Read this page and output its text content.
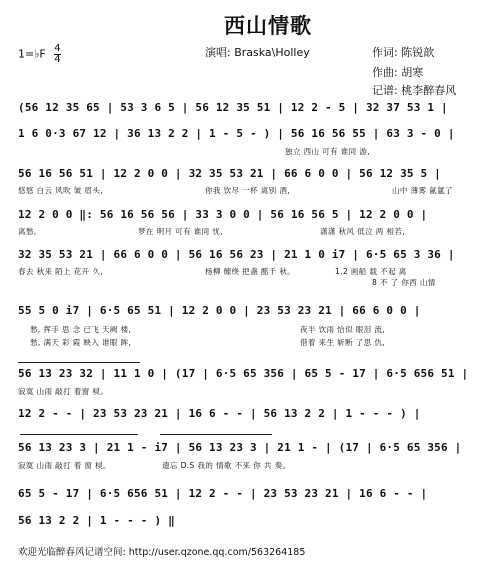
西山情歌
1=♭F $\frac{4}{4}$	演唱: Braska\Holley	作词: 陈锐歆
作曲: 胡寒
记谱: 桃李醉春风
(56 12 35 65 | 53 3 6 5 | 56 12 35 51 | 12 2 - 5 | 32 37 53 1 |
1 6 0·3 67 12 | 36 13 2 2 | 1 - 5 - ) | 56 16 56 55 | 63 3 - 0 |
独立 西山 可有 谁同 游,
56 16 56 51 | 12 2 0 0 | 32 35 53 21 | 66 6 0 0 | 56 12 35 5 |
悠悠 白云 风吹 皱 眉头,	你我 饮尽 一杯 离别 酒,	山中 薄雾 氤氲了
12 2 0 0 ‖: 56 16 56 56 | 33 3 0 0 | 56 16 56 5 | 12 2 0 0 |
离愁。	梦在 明月 可有 谁同 忧,	潇潇 秋风 低泣 两 相若,
32 35 53 21 | 66 6 0 0 | 56 16 56 23 | 21 1 0 i7 | 6·5 65 3 36 |
春去 秋来 陌上 花开 久,	杨柳 缠绕 把盏 酩千 秋。	1.2 画船 载 不起 离
8 不 了 你西 山情
55 5 0 i7 | 6·5 65 51 | 12 2 0 0 | 23 53 23 21 | 66 6 0 0 |
愁, 挥手 思 念 已飞 天阙 楼,	夜半 饮雨 恰似 眼泪 流,
愁, 满天 彩 霞 映入 谁眼 眸,	借着 来生 斩断 了思 仇,
56 13 23 32 | 11 1 0 | (17 | 6·5 65 356 | 65 5 - 17 | 6·5 656 51 |
寂寞 山雨 敲打 着窗 棂。
12 2 - - | 23 53 23 21 | 16 6 - - | 56 13 2 2 | 1 - - - ) |
56 13 23 3 | 21 1 - i7 | 56 13 23 3 | 21 1 - | (17 | 6·5 65 356 |
寂寞 山雨 敲打 着 窗 棂。	遗忘 D.S 我的 情歌 不来 你 共 奏。
65 5 - 17 | 6·5 656 51 | 12 2 - - | 23 53 23 21 | 16 6 - - |
56 13 2 2 | 1 - - - ) ‖
欢迎光临醉春风记谱空间: http://user.qzone.qq.com/563264185
